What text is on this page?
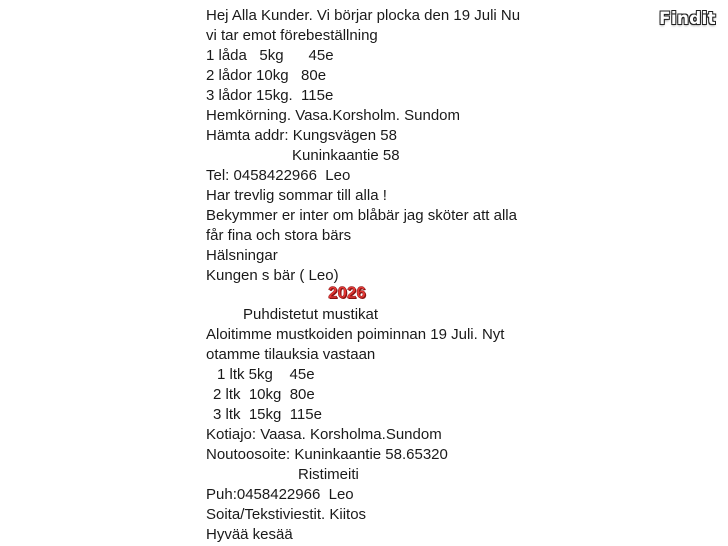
Hej Alla Kunder. Vi börjar plocka den 19 Juli Nu
vi tar emot förebeställning
1 låda   5kg      45e
2 lådor 10kg   80e
3 lådor 15kg.  115e
Hemkörning. Vasa.Korsholm. Sundom
Hämta addr: Kungsvägen 58
Kuninkaantie 58
Tel: 0458422966  Leo
Har trevlig sommar till alla !
Bekymmer er inter om blåbär jag sköter att alla
får fina och stora bärs
Hälsningar
Kungen s bär ( Leo)
2026
Puhdistetut mustikat
Aloitimme mustkoiden poiminnan 19 Juli. Nyt
otamme tilauksia vastaan
1 ltk 5kg    45e
2 ltk  10kg  80e
3 ltk  15kg  115e
Kotiajo: Vaasa. Korsholma.Sundom
Noutoosoite: Kuninkaantie 58.65320
Ristimeiti
Puh:0458422966  Leo
Soita/Tekstiviestit. Kiitos
Hyvää kesää
Findit
